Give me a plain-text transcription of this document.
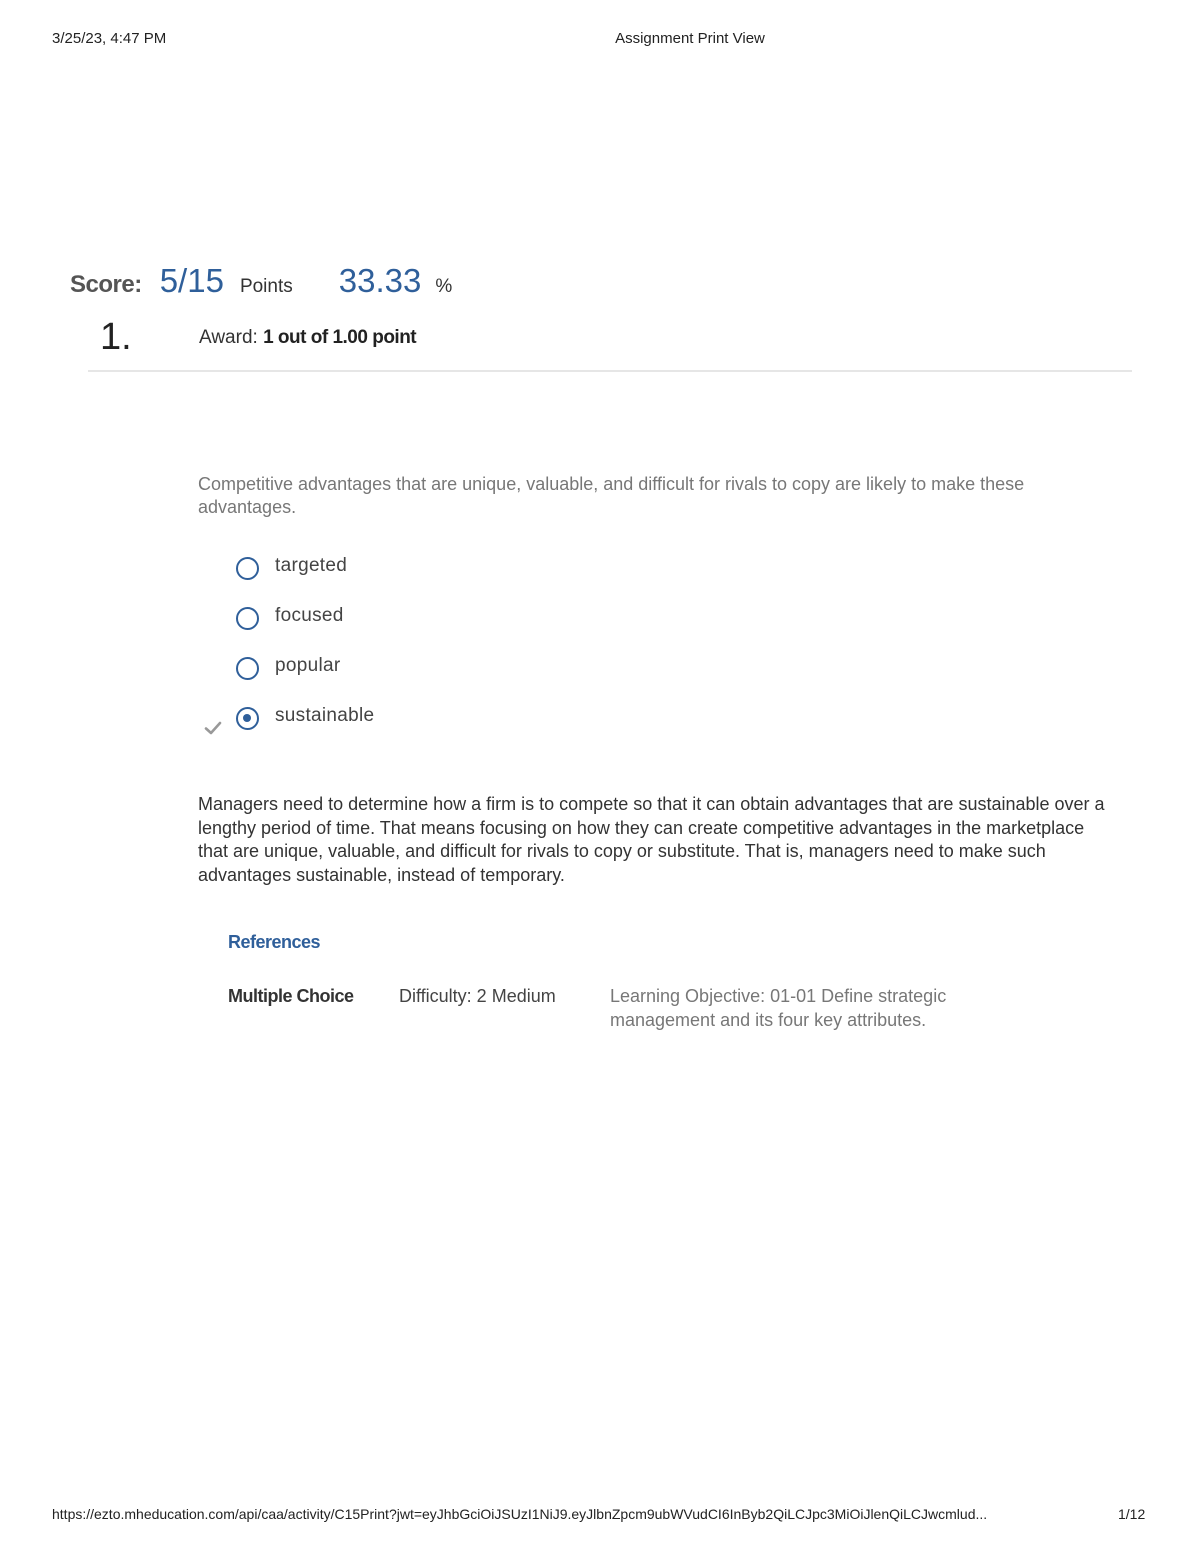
3/25/23, 4:47 PM	Assignment Print View
Score: 5/15 Points 33.33 %
1.	Award: 1 out of 1.00 point
Competitive advantages that are unique, valuable, and difficult for rivals to copy are likely to make these advantages.
targeted
focused
popular
sustainable
Managers need to determine how a firm is to compete so that it can obtain advantages that are sustainable over a lengthy period of time. That means focusing on how they can create competitive advantages in the marketplace that are unique, valuable, and difficult for rivals to copy or substitute. That is, managers need to make such advantages sustainable, instead of temporary.
References
Multiple Choice	Difficulty: 2 Medium	Learning Objective: 01-01 Define strategic management and its four key attributes.
https://ezto.mheducation.com/api/caa/activity/C15Print?jwt=eyJhbGciOiJSUzI1NiJ9.eyJlbnZpcm9ubWVudCI6InByb2QiLCJpc3MiOiJlenQiLCJwcmlud...	1/12
